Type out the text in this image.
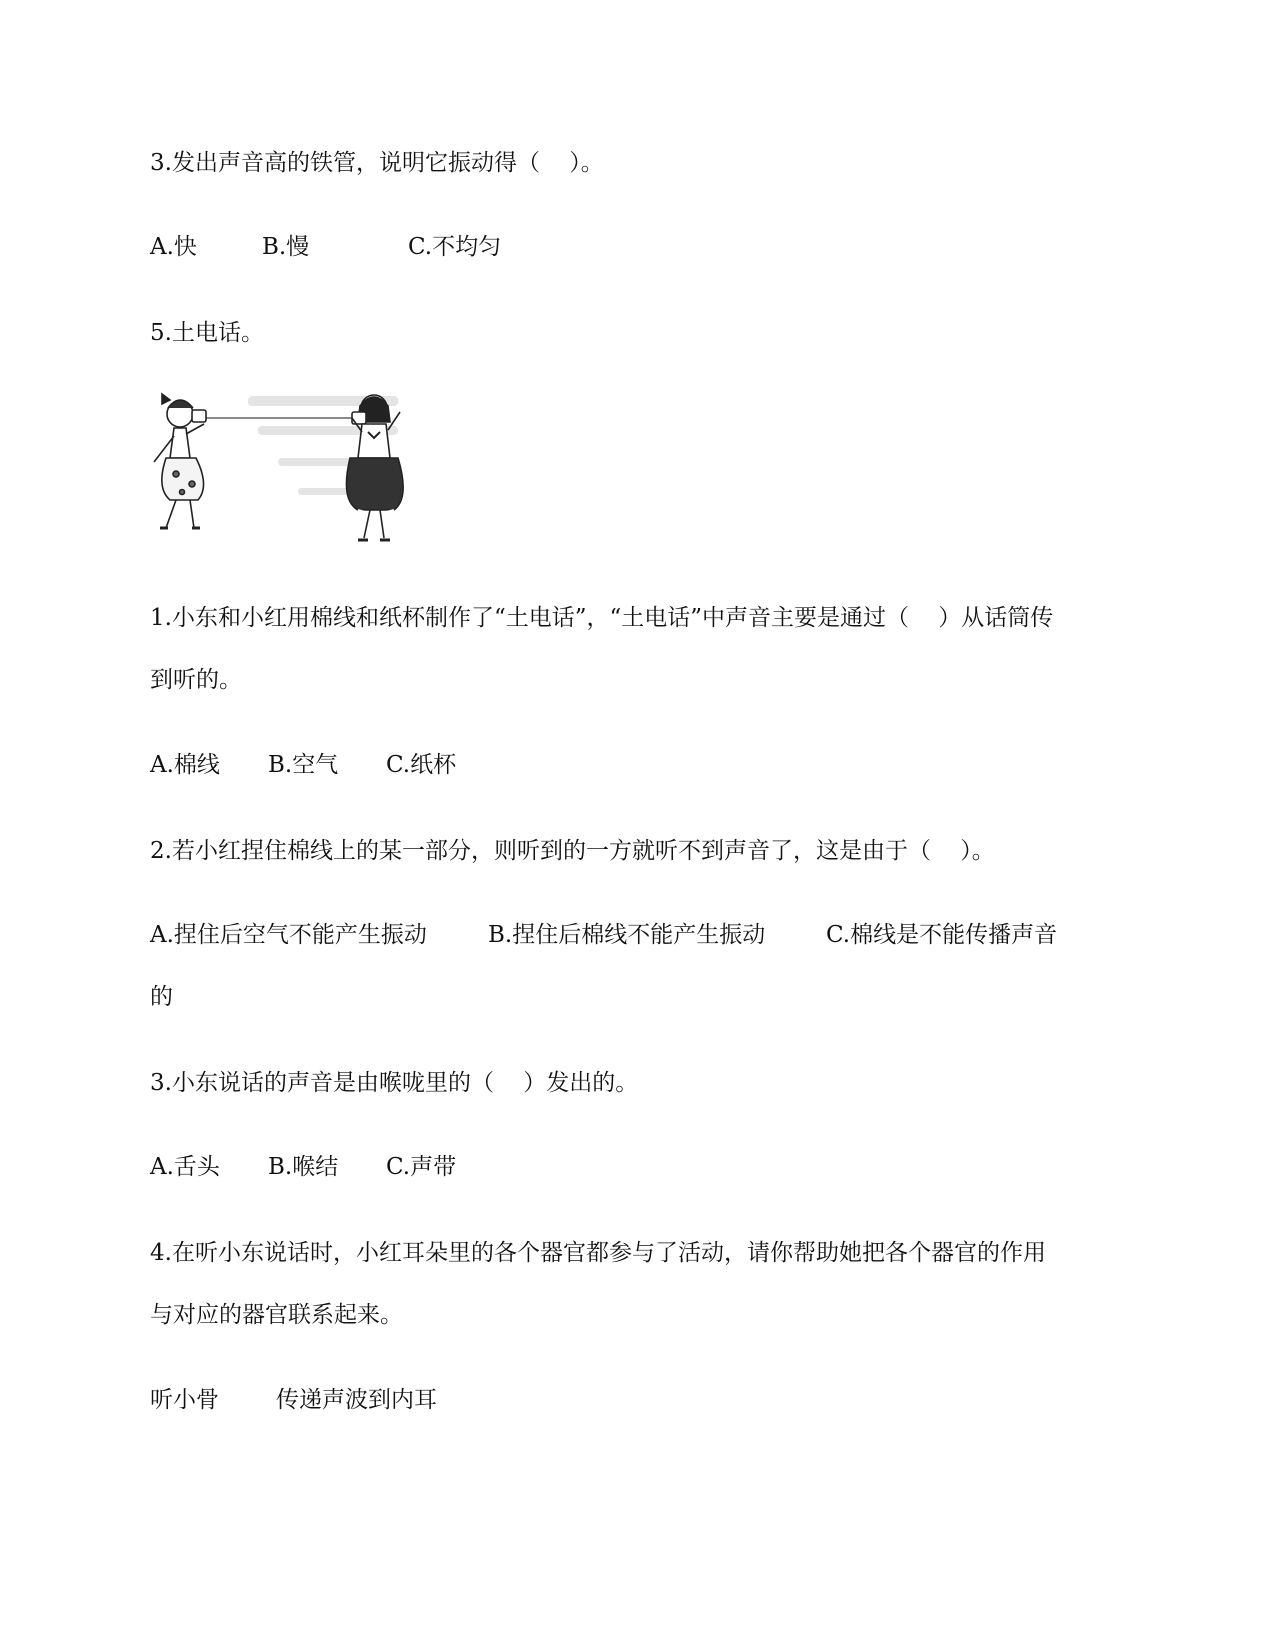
3.发出声音高的铁管，说明它振动得（    ）。

A.快

	B.慢

	C.不均匀

5.土电话。
1.小东和小红用棉线和纸杯制作了“土电话”，“土电话”中声音主要是通过（    ）从话筒传
到听的。

A.棉线

B.空气

C.纸杯

2.若小红捏住棉线上的某一部分，则听到的一方就听不到声音了，这是由于（    ）。

A.捏住后空气不能产生振动

	B.捏住后棉线不能产生振动

	C.棉线是不能传播声音

的
3.小东说话的声音是由喉咙里的（    ）发出的。

A.舌头

B.喉结

C.声带

4.在听小东说话时，小红耳朵里的各个器官都参与了活动，请你帮助她把各个器官的作用
与对应的器官联系起来。

听小骨

传递声波到内耳
